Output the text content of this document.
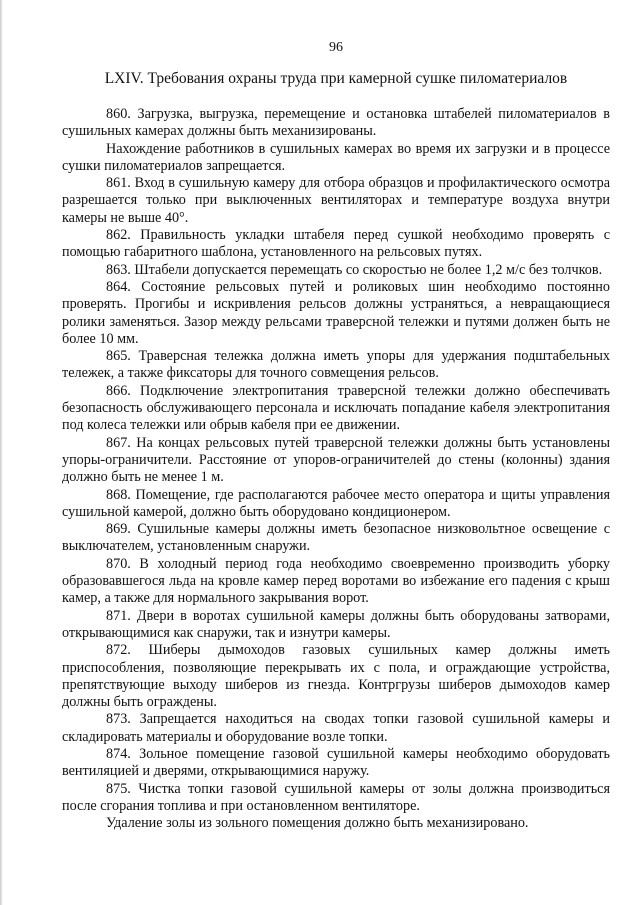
96
LXIV. Требования охраны труда при камерной сушке пиломатериалов

860. Загрузка, выгрузка, перемещение и остановка штабелей пиломатериалов в сушильных камерах должны быть механизированы.

Нахождение работников в сушильных камерах во время их загрузки и в процессе сушки пиломатериалов запрещается.

861. Вход в сушильную камеру для отбора образцов и профилактического осмотра разрешается только при выключенных вентиляторах и температуре воздуха внутри камеры не выше 40°.

862. Правильность укладки штабеля перед сушкой необходимо проверять с помощью габаритного шаблона, установленного на рельсовых путях.

863. Штабели допускается перемещать со скоростью не более 1,2 м/с без толчков.

864. Состояние рельсовых путей и роликовых шин необходимо постоянно проверять. Прогибы и искривления рельсов должны устраняться, а невращающиеся ролики заменяться. Зазор между рельсами траверсной тележки и путями должен быть не более 10 мм.

865. Траверсная тележка должна иметь упоры для удержания подштабельных тележек, а также фиксаторы для точного совмещения рельсов.

866. Подключение электропитания траверсной тележки должно обеспечивать безопасность обслуживающего персонала и исключать попадание кабеля электропитания под колеса тележки или обрыв кабеля при ее движении.

867. На концах рельсовых путей траверсной тележки должны быть установлены упоры-ограничители. Расстояние от упоров-ограничителей до стены (колонны) здания должно быть не менее 1 м.

868. Помещение, где располагаются рабочее место оператора и щиты управления сушильной камерой, должно быть оборудовано кондиционером.

869. Сушильные камеры должны иметь безопасное низковольтное освещение с выключателем, установленным снаружи.

870. В холодный период года необходимо своевременно производить уборку образовавшегося льда на кровле камер перед воротами во избежание его падения с крыш камер, а также для нормального закрывания ворот.

871. Двери в воротах сушильной камеры должны быть оборудованы затворами, открывающимися как снаружи, так и изнутри камеры.

872. Шиберы дымоходов газовых сушильных камер должны иметь приспособления, позволяющие перекрывать их с пола, и ограждающие устройства, препятствующие выходу шиберов из гнезда. Контргрузы шиберов дымоходов камер должны быть ограждены.

873. Запрещается находиться на сводах топки газовой сушильной камеры и складировать материалы и оборудование возле топки.

874. Зольное помещение газовой сушильной камеры необходимо оборудовать вентиляцией и дверями, открывающимися наружу.

875. Чистка топки газовой сушильной камеры от золы должна производиться после сгорания топлива и при остановленном вентиляторе.

Удаление золы из зольного помещения должно быть механизировано.
